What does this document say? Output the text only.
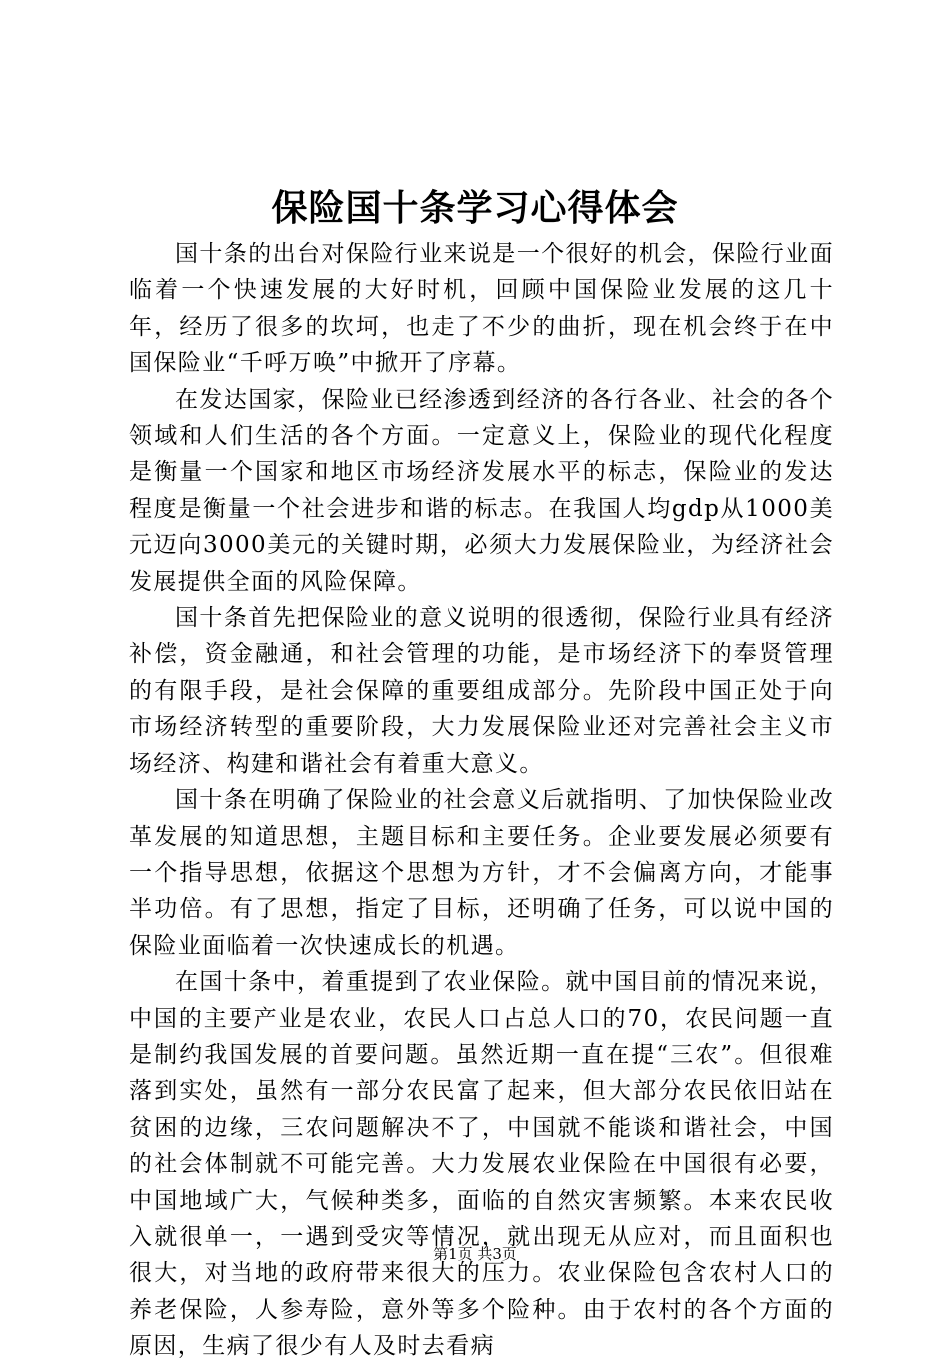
保险国十条学习心得体会

国十条的出台对保险行业来说是一个很好的机会，保险行业面临着一个快速发展的大好时机，回顾中国保险业发展的这几十年，经历了很多的坎坷，也走了不少的曲折，现在机会终于在中国保险业“千呼万唤”中掀开了序幕。

在发达国家，保险业已经渗透到经济的各行各业、社会的各个领域和人们生活的各个方面。一定意义上，保险业的现代化程度是衡量一个国家和地区市场经济发展水平的标志，保险业的发达程度是衡量一个社会进步和谐的标志。在我国人均gdp从1000美元迈向3000美元的关键时期，必须大力发展保险业，为经济社会发展提供全面的风险保障。

国十条首先把保险业的意义说明的很透彻，保险行业具有经济补偿，资金融通，和社会管理的功能，是市场经济下的奉贤管理的有限手段，是社会保障的重要组成部分。先阶段中国正处于向市场经济转型的重要阶段，大力发展保险业还对完善社会主义市场经济、构建和谐社会有着重大意义。

国十条在明确了保险业的社会意义后就指明、了加快保险业改革发展的知道思想，主题目标和主要任务。企业要发展必须要有一个指导思想，依据这个思想为方针，才不会偏离方向，才能事半功倍。有了思想，指定了目标，还明确了任务，可以说中国的保险业面临着一次快速成长的机遇。

在国十条中，着重提到了农业保险。就中国目前的情况来说，中国的主要产业是农业，农民人口占总人口的70，农民问题一直是制约我国发展的首要问题。虽然近期一直在提“三农”。但很难落到实处，虽然有一部分农民富了起来，但大部分农民依旧站在贫困的边缘，三农问题解决不了，中国就不能谈和谐社会，中国的社会体制就不可能完善。大力发展农业保险在中国很有必要，中国地域广大，气候种类多，面临的自然灾害频繁。本来农民收入就很单一，一遇到受灾等情况，就出现无从应对，而且面积也很大，对当地的政府带来很大的压力。农业保险包含农村人口的养老保险，人参寿险，意外等多个险种。由于农村的各个方面的原因，生病了很少有人及时去看病

第1页 共3页
